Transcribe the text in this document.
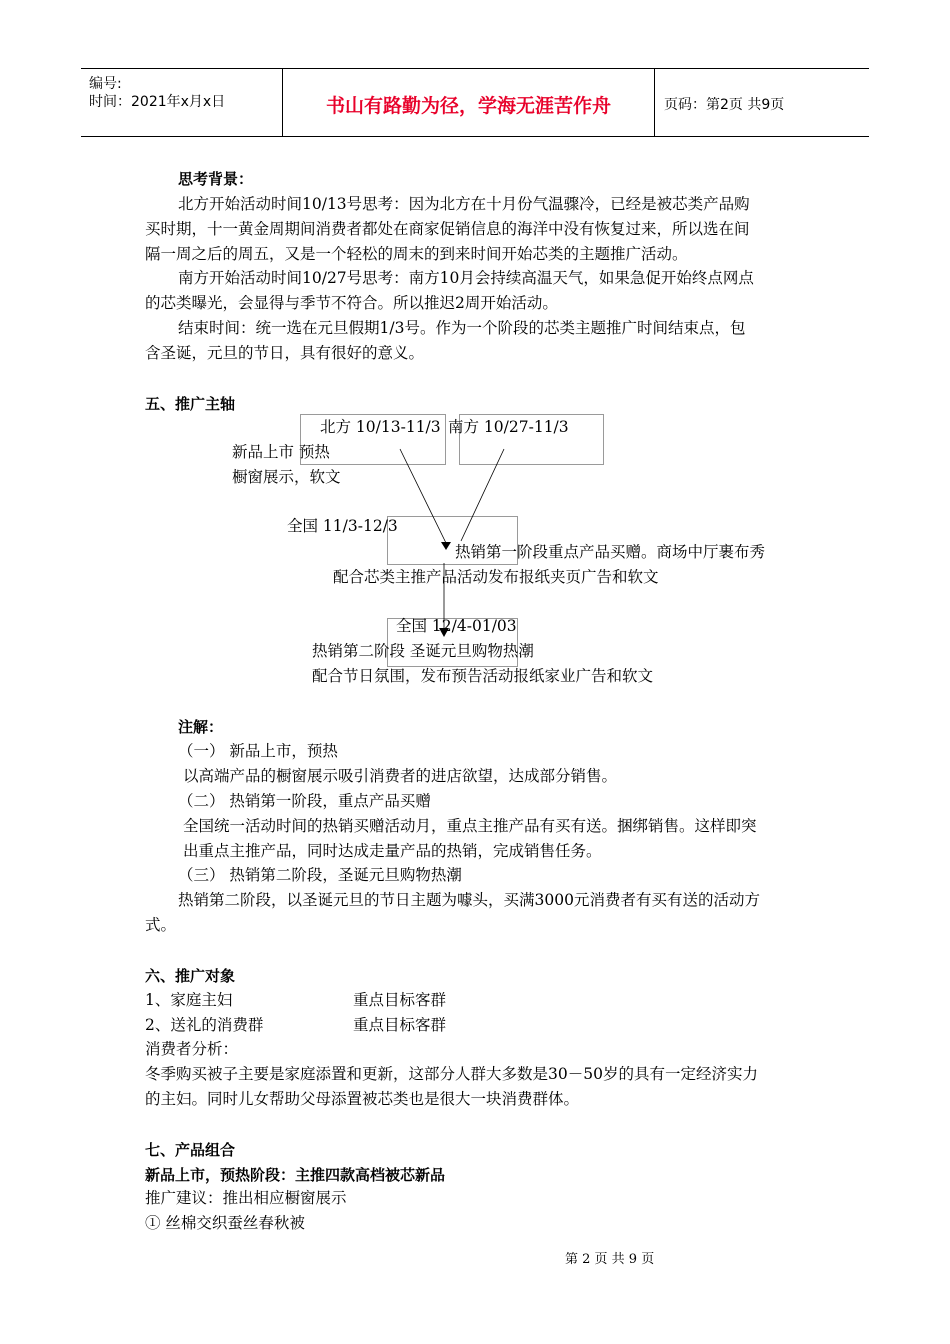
编号:
时间：2021年x月x日	书山有路勤为径，学海无涯苦作舟	页码：第2页 共9页
思考背景：
北方开始活动时间10/13号思考：因为北方在十月份气温骤冷，已经是被芯类产品购
买时期，十一黄金周期间消费者都处在商家促销信息的海洋中没有恢复过来，所以选在间
隔一周之后的周五，又是一个轻松的周末的到来时间开始芯类的主题推广活动。
南方开始活动时间10/27号思考：南方10月会持续高温天气，如果急促开始终点网点
的芯类曝光，会显得与季节不符合。所以推迟2周开始活动。
结束时间：统一选在元旦假期1/3号。作为一个阶段的芯类主题推广时间结束点，包
含圣诞，元旦的节日，具有很好的意义。
五、推广主轴
北方 10/13-11/3 南方 10/27-11/3
新品上市 预热
橱窗展示，软文
全国 11/3-12/3
热销第一阶段重点产品买赠。商场中厅裹布秀
配合芯类主推产品活动发布报纸夹页广告和软文
全国 12/4-01/03
热销第二阶段 圣诞元旦购物热潮
配合节日氛围，发布预告活动报纸家业广告和软文
注解：
（一） 新品上市，预热
以高端产品的橱窗展示吸引消费者的进店欲望，达成部分销售。
（二） 热销第一阶段，重点产品买赠
全国统一活动时间的热销买赠活动月，重点主推产品有买有送。捆绑销售。这样即突
出重点主推产品，同时达成走量产品的热销，完成销售任务。
（三） 热销第二阶段，圣诞元旦购物热潮
热销第二阶段，以圣诞元旦的节日主题为噱头，买满3000元消费者有买有送的活动方
式。
六、推广对象
1、家庭主妇	重点目标客群
2、送礼的消费群	重点目标客群
消费者分析：
冬季购买被子主要是家庭添置和更新，这部分人群大多数是30－50岁的具有一定经济实力
的主妇。同时儿女帮助父母添置被芯类也是很大一块消费群体。
七、产品组合
新品上市，预热阶段：主推四款高档被芯新品
推广建议：推出相应橱窗展示
① 丝棉交织蚕丝春秋被
第 2 页 共 9 页
